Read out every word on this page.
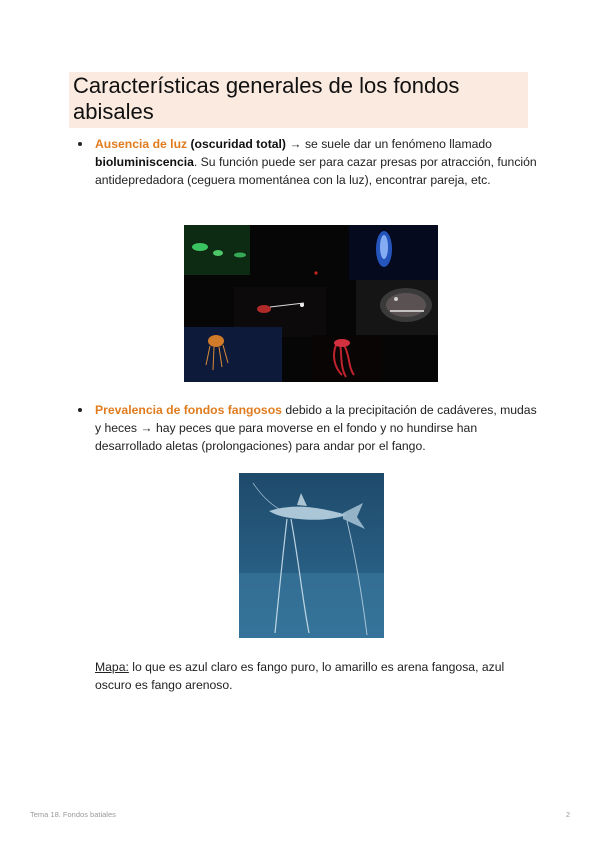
Características generales de los fondos abisales
Ausencia de luz (oscuridad total) → se suele dar un fenómeno llamado bioluminiscencia. Su función puede ser para cazar presas por atracción, función antidepredadora (ceguera momentánea con la luz), encontrar pareja, etc.
Prevalencia de fondos fangosos debido a la precipitación de cadáveres, mudas y heces → hay peces que para moverse en el fondo y no hundirse han desarrollado aletas (prolongaciones) para andar por el fango.
Mapa: lo que es azul claro es fango puro, lo amarillo es arena fangosa, azul oscuro es fango arenoso.
Tema 18. Fondos batiales	2
